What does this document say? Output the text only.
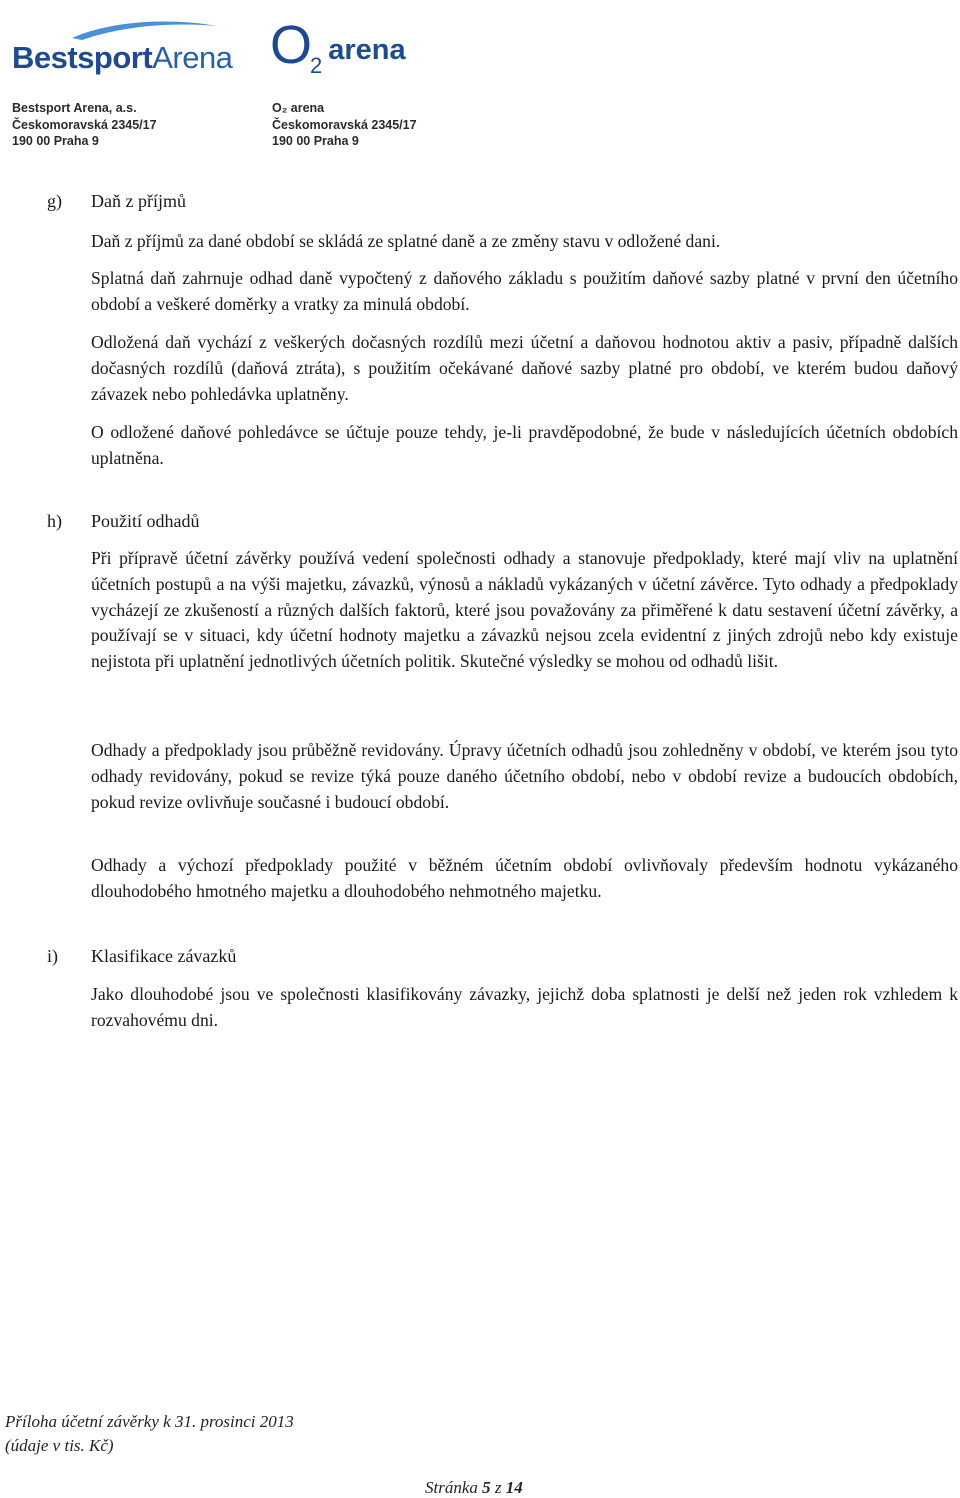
BestsportArena O2 arena
Bestsport Arena, a.s.
Českomoravská 2345/17
190 00 Praha 9
O₂ arena
Českomoravská 2345/17
190 00 Praha 9
g) Daň z příjmů

Daň z příjmů za dané období se skládá ze splatné daně a ze změny stavu v odložené dani.

Splatná daň zahrnuje odhad daně vypočtený z daňového základu s použitím daňové sazby platné v první den účetního období a veškeré doměrky a vratky za minulá období.

Odložená daň vychází z veškerých dočasných rozdílů mezi účetní a daňovou hodnotou aktiv a pasiv, případně dalších dočasných rozdílů (daňová ztráta), s použitím očekávané daňové sazby platné pro období, ve kterém budou daňový závazek nebo pohledávka uplatněny.

O odložené daňové pohledávce se účtuje pouze tehdy, je-li pravděpodobné, že bude v následujících účetních obdobích uplatněna.

h) Použití odhadů

Při přípravě účetní závěrky používá vedení společnosti odhady a stanovuje předpoklady, které mají vliv na uplatnění účetních postupů a na výši majetku, závazků, výnosů a nákladů vykázaných v účetní závěrce. Tyto odhady a předpoklady vycházejí ze zkušeností a různých dalších faktorů, které jsou považovány za přiměřené k datu sestavení účetní závěrky, a používají se v situaci, kdy účetní hodnoty majetku a závazků nejsou zcela evidentní z jiných zdrojů nebo kdy existuje nejistota při uplatnění jednotlivých účetních politik. Skutečné výsledky se mohou od odhadů lišit.

Odhady a předpoklady jsou průběžně revidovány. Úpravy účetních odhadů jsou zohledněny v období, ve kterém jsou tyto odhady revidovány, pokud se revize týká pouze daného účetního období, nebo v období revize a budoucích obdobích, pokud revize ovlivňuje současné i budoucí období.

Odhady a výchozí předpoklady použité v běžném účetním období ovlivňovaly především hodnotu vykázaného dlouhodobého hmotného majetku a dlouhodobého nehmotného majetku.

i) Klasifikace závazků

Jako dlouhodobé jsou ve společnosti klasifikovány závazky, jejichž doba splatnosti je delší než jeden rok vzhledem k rozvahovému dni.

Příloha účetní závěrky k 31. prosinci 2013
(údaje v tis. Kč)
Stránka 5 z 14
